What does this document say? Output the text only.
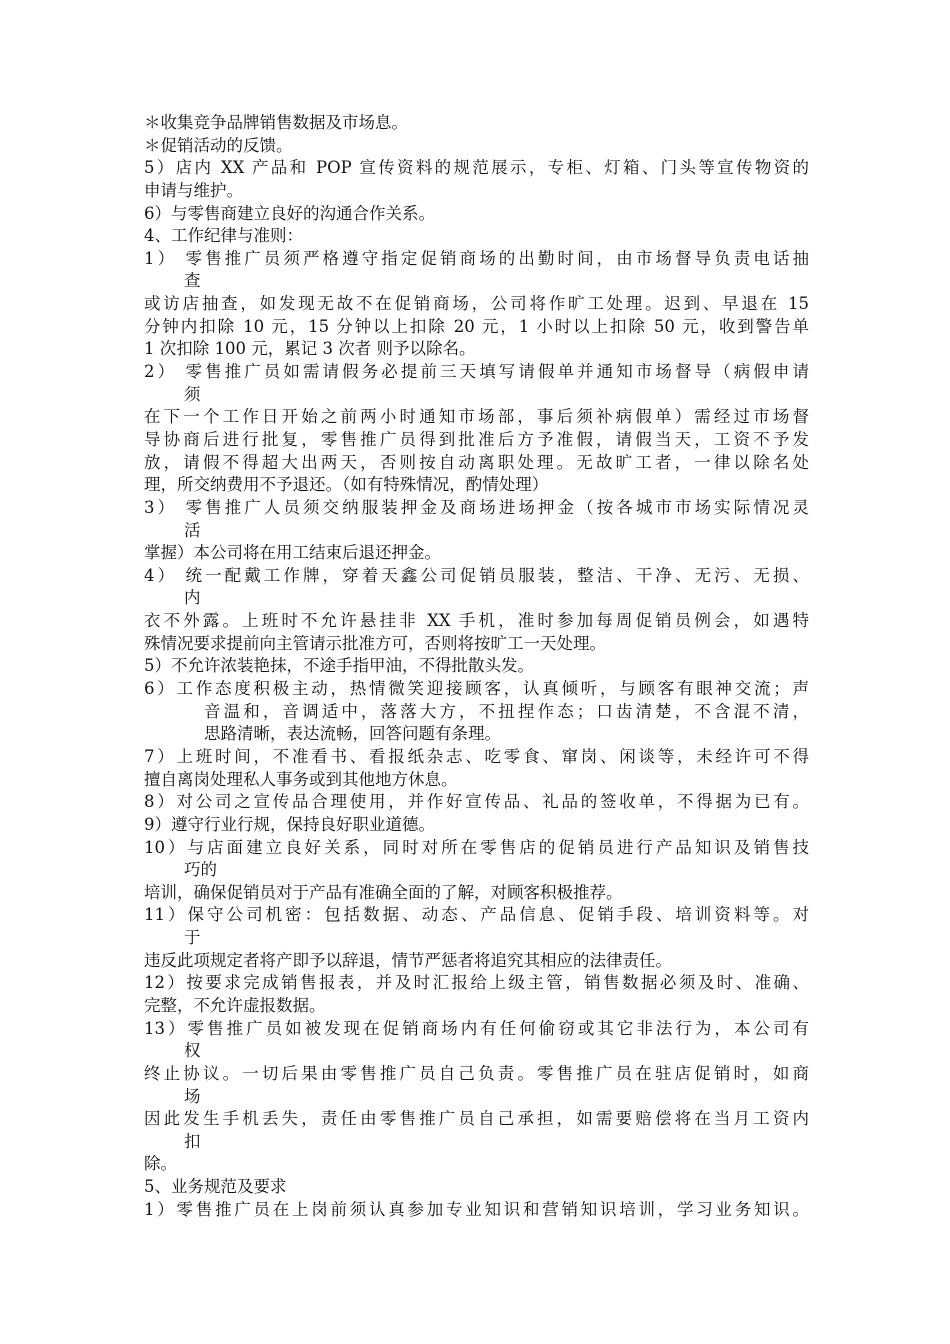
＊收集竞争品牌销售数据及市场息。
＊促销活动的反馈。
5）店内 XX 产品和 POP 宣传资料的规范展示，专柜、灯箱、门头等宣传物资的
申请与维护。
6）与零售商建立良好的沟通合作关系。
4、工作纪律与准则：
1） 零售推广员须严格遵守指定促销商场的出勤时间，由市场督导负责电话抽
查
或访店抽查，如发现无故不在促销商场，公司将作旷工处理。迟到、早退在 15
分钟内扣除 10 元，15 分钟以上扣除 20 元，1 小时以上扣除 50 元，收到警告单
1 次扣除 100 元，累记 3 次者 则予以除名。
2） 零售推广员如需请假务必提前三天填写请假单并通知市场督导（病假申请
须
在下一个工作日开始之前两小时通知市场部，事后须补病假单）需经过市场督
导协商后进行批复，零售推广员得到批准后方予准假，请假当天，工资不予发
放，请假不得超大出两天，否则按自动离职处理。无故旷工者，一律以除名处
理，所交纳费用不予退还。（如有特殊情况，酌情处理）
3） 零售推广人员须交纳服装押金及商场进场押金（按各城市市场实际情况灵
活
掌握）本公司将在用工结束后退还押金。
4） 统一配戴工作牌，穿着天鑫公司促销员服装，整洁、干净、无污、无损、
内
衣不外露。上班时不允许悬挂非 XX 手机，准时参加每周促销员例会，如遇特
殊情况要求提前向主管请示批准方可，否则将按旷工一天处理。
5）不允许浓装艳抹，不途手指甲油，不得批散头发。
6）工作态度积极主动，热情微笑迎接顾客，认真倾听，与顾客有眼神交流；声
音温和，音调适中，落落大方，不扭捏作态；口齿清楚，不含混不清，
思路清晰，表达流畅，回答问题有条理。
7）上班时间，不准看书、看报纸杂志、吃零食、窜岗、闲谈等，未经许可不得
擅自离岗处理私人事务或到其他地方休息。
8）对公司之宣传品合理使用，并作好宣传品、礼品的签收单，不得据为已有。
9）遵守行业行规，保持良好职业道德。
10）与店面建立良好关系，同时对所在零售店的促销员进行产品知识及销售技
巧的
培训，确保促销员对于产品有准确全面的了解，对顾客积极推荐。
11）保守公司机密：包括数据、动态、产品信息、促销手段、培训资料等。对
于
违反此项规定者将产即予以辞退，情节严惩者将追究其相应的法律责任。
12）按要求完成销售报表，并及时汇报给上级主管，销售数据必须及时、准确、
完整，不允许虚报数据。
13）零售推广员如被发现在促销商场内有任何偷窃或其它非法行为，本公司有
权
终止协议。一切后果由零售推广员自己负责。零售推广员在驻店促销时，如商
场
因此发生手机丢失，责任由零售推广员自己承担，如需要赔偿将在当月工资内
扣
除。
5、业务规范及要求
1）零售推广员在上岗前须认真参加专业知识和营销知识培训，学习业务知识。
